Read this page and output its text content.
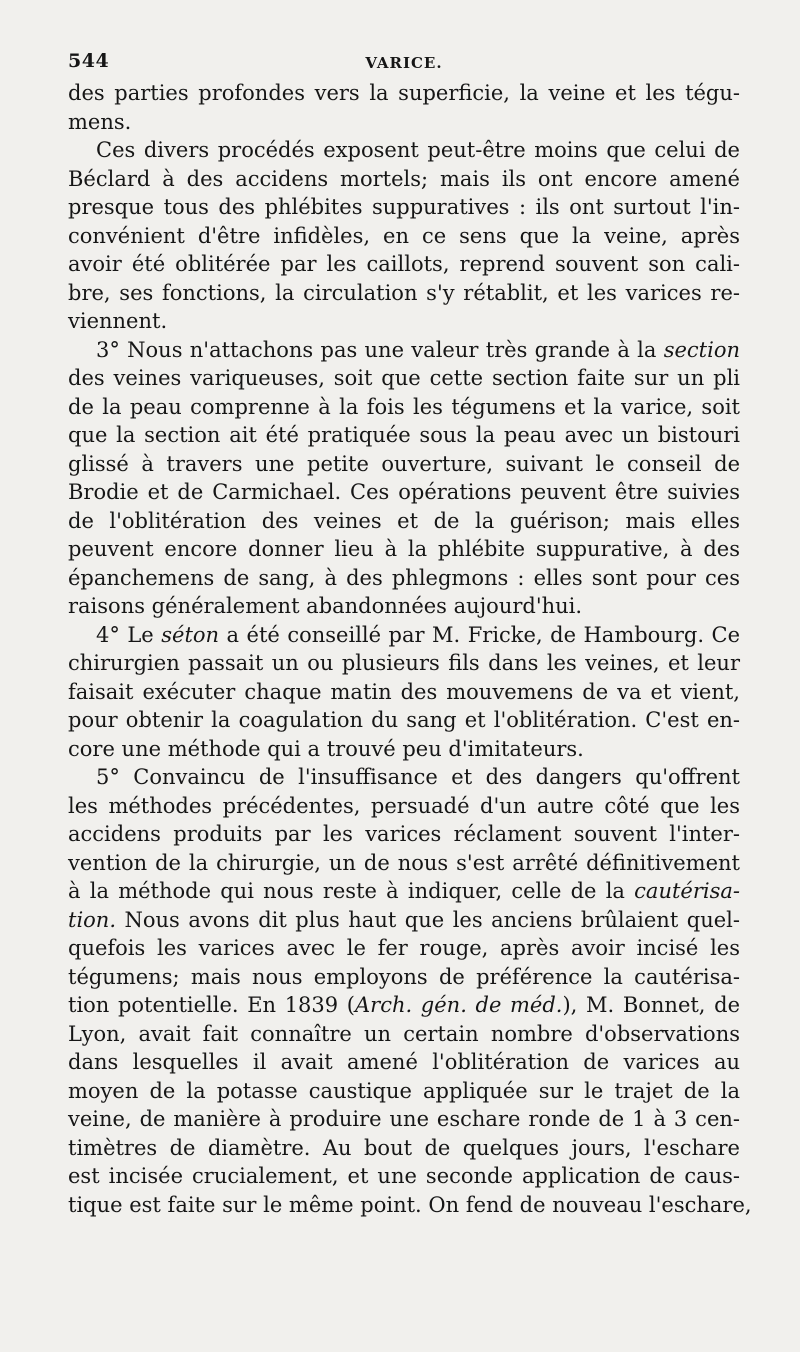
544	VARICE.
des parties profondes vers la superficie, la veine et les tégu-
mens.
Ces divers procédés exposent peut-être moins que celui de
Béclard à des accidens mortels; mais ils ont encore amené
presque tous des phlébites suppuratives : ils ont surtout l'in-
convénient d'être infidèles, en ce sens que la veine, après
avoir été oblitérée par les caillots, reprend souvent son cali-
bre, ses fonctions, la circulation s'y rétablit, et les varices re-
viennent.
3° Nous n'attachons pas une valeur très grande à la section
des veines variqueuses, soit que cette section faite sur un pli
de la peau comprenne à la fois les tégumens et la varice, soit
que la section ait été pratiquée sous la peau avec un bistouri
glissé à travers une petite ouverture, suivant le conseil de
Brodie et de Carmichael. Ces opérations peuvent être suivies
de l'oblitération des veines et de la guérison; mais elles
peuvent encore donner lieu à la phlébite suppurative, à des
épanchemens de sang, à des phlegmons : elles sont pour ces
raisons généralement abandonnées aujourd'hui.
4° Le séton a été conseillé par M. Fricke, de Hambourg. Ce
chirurgien passait un ou plusieurs fils dans les veines, et leur
faisait exécuter chaque matin des mouvemens de va et vient,
pour obtenir la coagulation du sang et l'oblitération. C'est en-
core une méthode qui a trouvé peu d'imitateurs.
5° Convaincu de l'insuffisance et des dangers qu'offrent
les méthodes précédentes, persuadé d'un autre côté que les
accidens produits par les varices réclament souvent l'inter-
vention de la chirurgie, un de nous s'est arrêté définitivement
à la méthode qui nous reste à indiquer, celle de la cautérisa-
tion. Nous avons dit plus haut que les anciens brûlaient quel-
quefois les varices avec le fer rouge, après avoir incisé les
tégumens; mais nous employons de préférence la cautérisa-
tion potentielle. En 1839 (Arch. gén. de méd.), M. Bonnet, de
Lyon, avait fait connaître un certain nombre d'observations
dans lesquelles il avait amené l'oblitération de varices au
moyen de la potasse caustique appliquée sur le trajet de la
veine, de manière à produire une eschare ronde de 1 à 3 cen-
timètres de diamètre. Au bout de quelques jours, l'eschare
est incisée crucialement, et une seconde application de caus-
tique est faite sur le même point. On fend de nouveau l'eschare,
